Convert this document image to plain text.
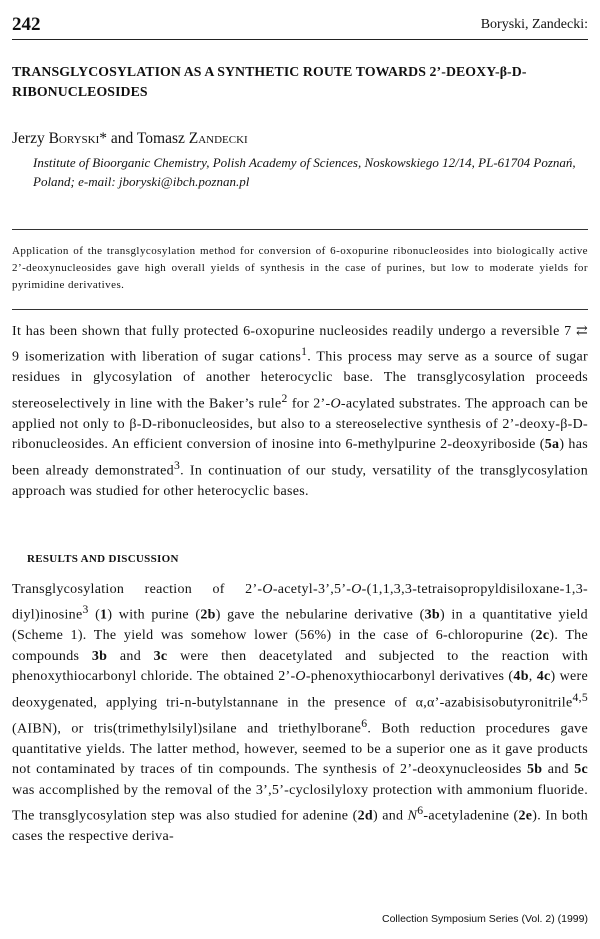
242	Boryski, Zandecki:
TRANSGLYCOSYLATION AS A SYNTHETIC ROUTE TOWARDS 2’-DEOXY-β-D-RIBONUCLEOSIDES
Jerzy Boryski* and Tomasz Zandecki
Institute of Bioorganic Chemistry, Polish Academy of Sciences, Noskowskiego 12/14, PL-61704 Poznań, Poland; e-mail: jboryski@ibch.poznan.pl
Application of the transglycosylation method for conversion of 6-oxopurine ribonucleosides into biologically active 2’-deoxynucleosides gave high overall yields of synthesis in the case of purines, but low to moderate yields for pyrimidine derivatives.
It has been shown that fully protected 6-oxopurine nucleosides readily undergo a reversible 7 ⇄ 9 isomerization with liberation of sugar cations$^1$. This process may serve as a source of sugar residues in glycosylation of another heterocyclic base. The transglycosylation proceeds stereoselectively in line with the Baker’s rule$^2$ for 2’-O-acylated substrates. The approach can be applied not only to β-D-ribonucleosides, but also to a stereoselective synthesis of 2’-deoxy-β-D-ribonucleosides. An efficient conversion of inosine into 6-methylpurine 2-deoxyriboside (5a) has been already demonstrated$^3$. In continuation of our study, versatility of the transglycosylation approach was studied for other heterocyclic bases.
RESULTS AND DISCUSSION

Transglycosylation reaction of 2’-O-acetyl-3’,5’-O-(1,1,3,3-tetraisopropyldisiloxane-1,3-diyl)inosine$^3$ (1) with purine (2b) gave the nebularine derivative (3b) in a quantitative yield (Scheme 1). The yield was somehow lower (56%) in the case of 6-chloropurine (2c). The compounds 3b and 3c were then deacetylated and subjected to the reaction with phenoxythiocarbonyl chloride. The obtained 2’-O-phenoxythiocarbonyl derivatives (4b, 4c) were deoxygenated, applying tri-n-butylstannane in the presence of α,α’-azabisisobutyronitrile$^{4,5}$ (AIBN), or tris(trimethylsilyl)silane and triethylborane$^6$. Both reduction procedures gave quantitative yields. The latter method, however, seemed to be a superior one as it gave products not contaminated by traces of tin compounds. The synthesis of 2’-deoxynucleosides 5b and 5c was accomplished by the removal of the 3’,5’-cyclosilyloxy protection with ammonium fluoride. The transglycosylation step was also studied for adenine (2d) and $N^6$-acetyladenine (2e). In both cases the respective deriva-

Collection Symposium Series (Vol. 2) (1999)
